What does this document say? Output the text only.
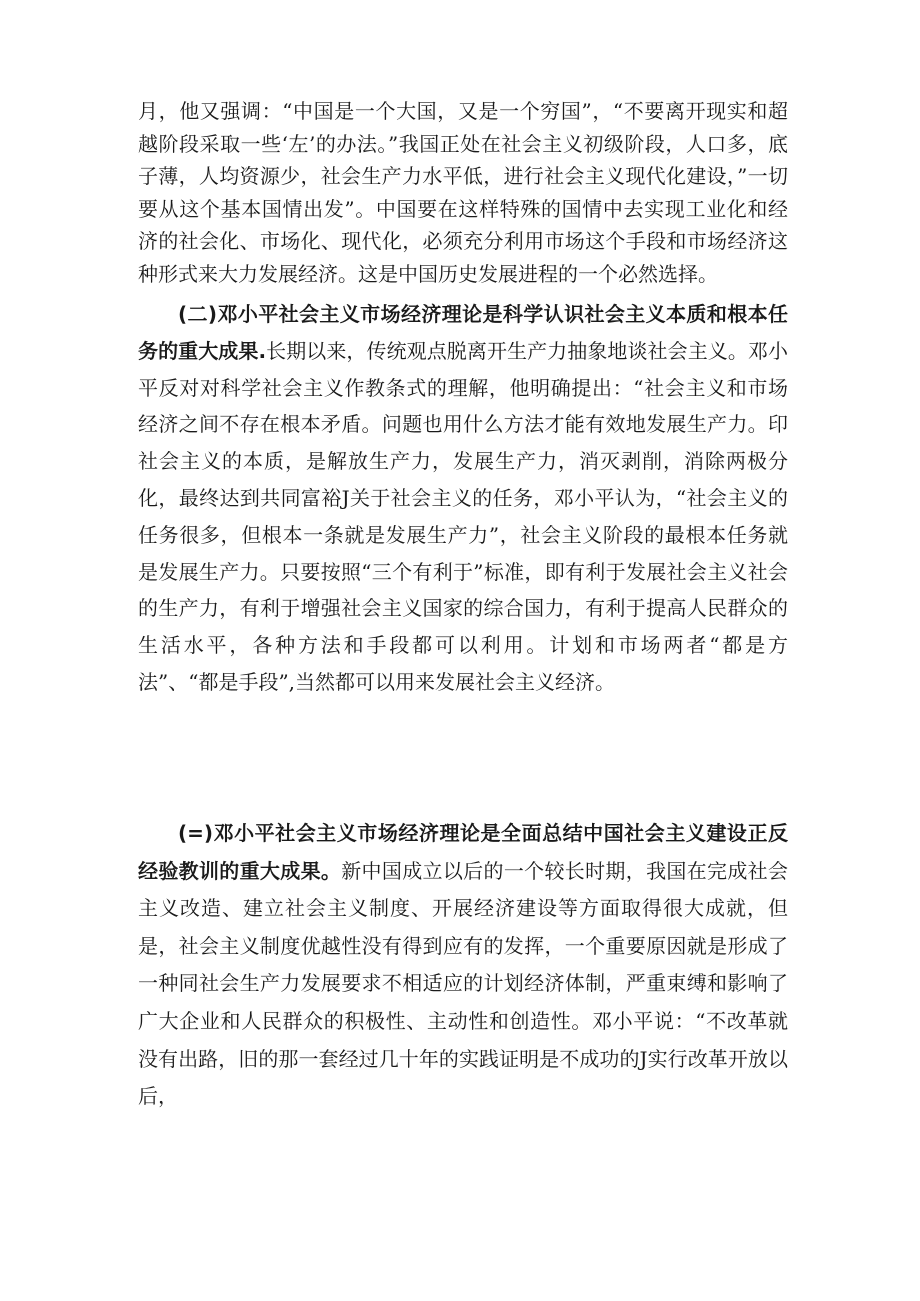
月，他又强调：“中国是一个大国，又是一个穷国”，“不要离开现实和超越阶段采取一些‘左’的办法。”我国正处在社会主义初级阶段，人口多，底子薄，人均资源少，社会生产力水平低，进行社会主义现代化建设，”一切要从这个基本国情出发”。中国要在这样特殊的国情中去实现工业化和经济的社会化、市场化、现代化，必须充分利用市场这个手段和市场经济这种形式来大力发展经济。这是中国历史发展进程的一个必然选择。

(二)邓小平社会主义市场经济理论是科学认识社会主义本质和根本任务的重大成果.长期以来，传统观点脱离开生产力抽象地谈社会主义。邓小平反对对科学社会主义作教条式的理解，他明确提出：“社会主义和市场经济之间不存在根本矛盾。问题也用什么方法才能有效地发展生产力。印社会主义的本质，是解放生产力，发展生产力，消灭剥削，消除两极分化，最终达到共同富裕J关于社会主义的任务，邓小平认为，“社会主义的任务很多，但根本一条就是发展生产力”，社会主义阶段的最根本任务就是发展生产力。只要按照“三个有利于”标准，即有利于发展社会主义社会的生产力，有利于增强社会主义国家的综合国力，有利于提高人民群众的生活水平，各种方法和手段都可以利用。计划和市场两者“都是方法”、“都是手段”,当然都可以用来发展社会主义经济。

(=)邓小平社会主义市场经济理论是全面总结中国社会主义建设正反经验教训的重大成果。新中国成立以后的一个较长时期，我国在完成社会主义改造、建立社会主义制度、开展经济建设等方面取得很大成就，但是，社会主义制度优越性没有得到应有的发挥，一个重要原因就是形成了一种同社会生产力发展要求不相适应的计划经济体制，严重束缚和影响了广大企业和人民群众的积极性、主动性和创造性。邓小平说：“不改革就没有出路，旧的那一套经过几十年的实践证明是不成功的J实行改革开放以后，
